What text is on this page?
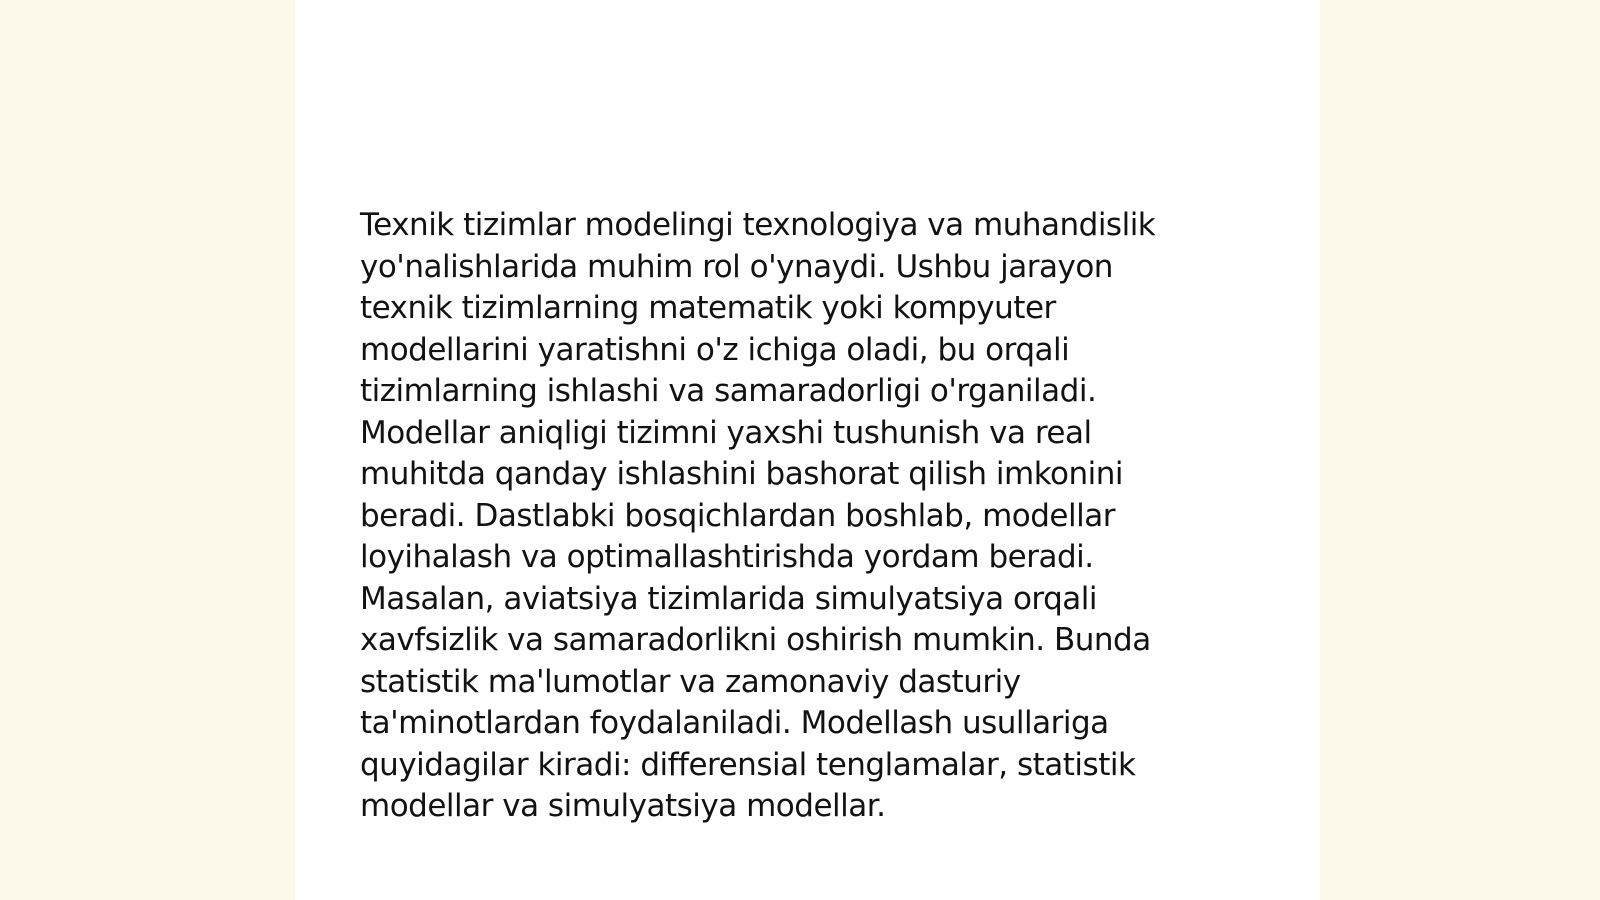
Texnik tizimlar modelingi texnologiya va muhandislik
yo'nalishlarida muhim rol o'ynaydi. Ushbu jarayon
texnik tizimlarning matematik yoki kompyuter
modellarini yaratishni o'z ichiga oladi, bu orqali
tizimlarning ishlashi va samaradorligi o'rganiladi.
Modellar aniqligi tizimni yaxshi tushunish va real
muhitda qanday ishlashini bashorat qilish imkonini
beradi. Dastlabki bosqichlardan boshlab, modellar
loyihalash va optimallashtirishda yordam beradi.
Masalan, aviatsiya tizimlarida simulyatsiya orqali
xavfsizlik va samaradorlikni oshirish mumkin. Bunda
statistik ma'lumotlar va zamonaviy dasturiy
ta'minotlardan foydalaniladi. Modellash usullariga
quyidagilar kiradi: differensial tenglamalar, statistik
modellar va simulyatsiya modellar.
